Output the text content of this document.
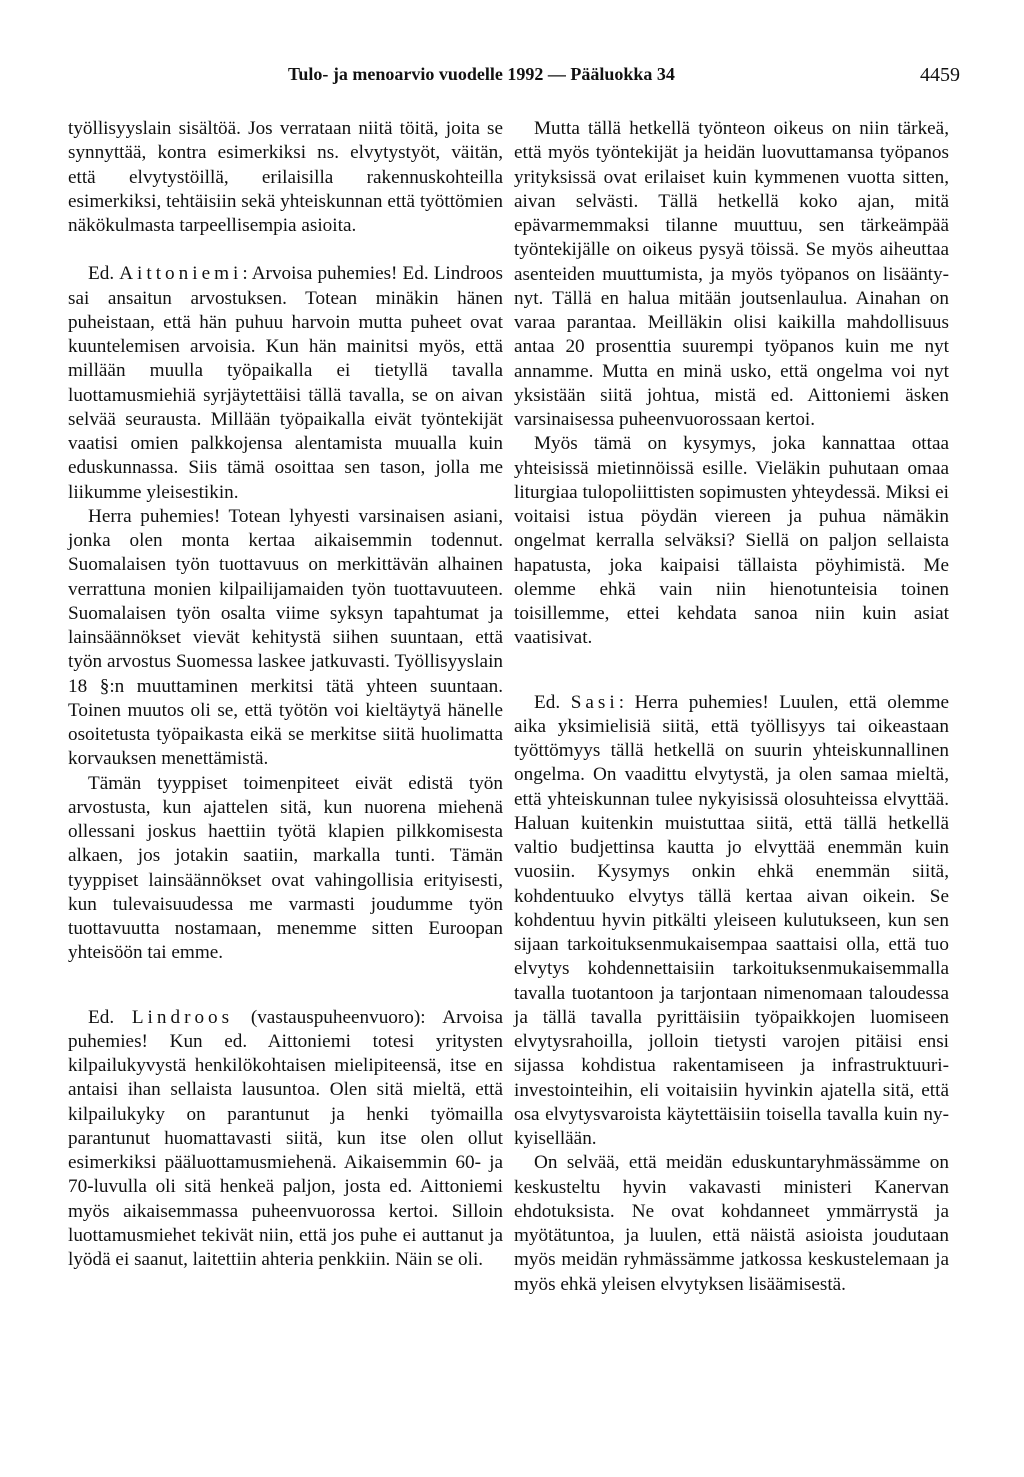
Tulo- ja menoarvio vuodelle 1992 — Pääluokka 34	4459

työllisyyslain sisältöä. Jos verrataan niitä töitä, joita se synnyttää, kontra esimerkiksi ns. elvytystyöt, väitän, että elvytystöillä, erilaisilla rakennuskohteilla esimerkiksi, tehtäisiin sekä yhteiskunnan että työttömien näkökulmasta tarpeellisempia asioita.

Ed. Aittoniemi: Arvoisa puhemies! Ed. Lindroos sai ansaitun arvostuksen. Totean minäkin hänen puheistaan, että hän puhuu harvoin mutta puheet ovat kuuntelemisen arvoisia. Kun hän mainitsi myös, että millään muulla työpaikalla ei tietyllä tavalla luottamusmiehiä syrjäytettäisi tällä tavalla, se on aivan selvää seurausta. Millään työpaikalla eivät työntekijät vaatisi omien palkkojensa alentamista muualla kuin eduskunnassa. Siis tämä osoittaa sen tason, jolla me liikumme yleisestikin.

Herra puhemies! Totean lyhyesti varsinaisen asiani, jonka olen monta kertaa aikaisemmin todennut. Suomalaisen työn tuottavuus on merkittävän alhainen verrattuna monien kilpailijamaiden työn tuottavuuteen. Suomalaisen työn osalta viime syksyn tapahtumat ja lainsäännökset vievät kehitystä siihen suuntaan, että työn arvostus Suomessa laskee jatkuvasti. Työllisyyslain 18 §:n muuttaminen merkitsi tätä yhteen suuntaan. Toinen muutos oli se, että työtön voi kieltäytyä hänelle osoitetusta työpaikasta eikä se merkitse siitä huolimatta korvauksen menettämistä.

Tämän tyyppiset toimenpiteet eivät edistä työn arvostusta, kun ajattelen sitä, kun nuorena miehenä ollessani joskus haettiin työtä klapien pilkkomisesta alkaen, jos jotakin saatiin, markalla tunti. Tämän tyyppiset lainsäännökset ovat vahingollisia erityisesti, kun tulevaisuudessa me varmasti joudumme työn tuottavuutta nostamaan, menemme sitten Euroopan yhteisöön tai emme.

Ed. Lindroos (vastauspuheenvuoro): Arvoisa puhemies! Kun ed. Aittoniemi totesi yritysten kilpailukyvystä henkilökohtaisen mielipiteensä, itse en antaisi ihan sellaista lausuntoa. Olen sitä mieltä, että kilpailukyky on parantunut ja henki työmailla parantunut huomattavasti siitä, kun itse olen ollut esimerkiksi pääluottamusmiehenä. Aikaisemmin 60- ja 70-luvulla oli sitä henkeä paljon, josta ed. Aittoniemi myös aikaisemmassa puheenvuorossa kertoi. Silloin luottamusmiehet tekivät niin, että jos puhe ei auttanut ja lyödä ei saanut, laitettiin ahteria penkkiin. Näin se oli.

Mutta tällä hetkellä työnteon oikeus on niin tärkeä, että myös työntekijät ja heidän luovuttamansa työpanos yrityksissä ovat erilaiset kuin kymmenen vuotta sitten, aivan selvästi. Tällä hetkellä koko ajan, mitä epävarmemmaksi tilanne muuttuu, sen tärkeämpää työntekijälle on oikeus pysyä töissä. Se myös aiheuttaa asenteiden muuttumista, ja myös työpanos on lisääntynyt. Tällä en halua mitään joutsenlaulua. Ainahan on varaa parantaa. Meilläkin olisi kaikilla mahdollisuus antaa 20 prosenttia suurempi työpanos kuin me nyt annamme. Mutta en minä usko, että ongelma voi nyt yksistään siitä johtua, mistä ed. Aittoniemi äsken varsinaisessa puheenvuorossaan kertoi.

Myös tämä on kysymys, joka kannattaa ottaa yhteisissä mietinnöissä esille. Vieläkin puhutaan omaa liturgiaa tulopoliittisten sopimusten yhteydessä. Miksi ei voitaisi istua pöydän viereen ja puhua nämäkin ongelmat kerralla selväksi? Siellä on paljon sellaista hapatusta, joka kaipaisi tällaista pöyhimistä. Me olemme ehkä vain niin hienotunteisia toinen toisillemme, ettei kehdata sanoa niin kuin asiat vaatisivat.

Ed. Sasi: Herra puhemies! Luulen, että olemme aika yksimielisiä siitä, että työllisyys tai oikeastaan työttömyys tällä hetkellä on suurin yhteiskunnallinen ongelma. On vaadittu elvytystä, ja olen samaa mieltä, että yhteiskunnan tulee nykyisissä olosuhteissa elvyttää. Haluan kuitenkin muistuttaa siitä, että tällä hetkellä valtio budjettinsa kautta jo elvyttää enemmän kuin vuosiin. Kysymys onkin ehkä enemmän siitä, kohdentuuko elvytys tällä kertaa aivan oikein. Se kohdentuu hyvin pitkälti yleiseen kulutukseen, kun sen sijaan tarkoituksenmukaisempaa saattaisi olla, että tuo elvytys kohdennettaisiin tarkoituksenmukaisemmalla tavalla tuotantoon ja tarjontaan nimenomaan taloudessa ja tällä tavalla pyrittäisiin työpaikkojen luomiseen elvytysrahoilla, jolloin tietysti varojen pitäisi ensi sijassa kohdistua rakentamiseen ja infrastruktuuri-investointeihin, eli voitaisiin hyvinkin ajatella sitä, että osa elvytysvaroista käytettäisiin toisella tavalla kuin nykyisellään.

On selvää, että meidän eduskuntaryhmässämme on keskusteltu hyvin vakavasti ministeri Kanervan ehdotuksista. Ne ovat kohdanneet ymmärrystä ja myötätuntoa, ja luulen, että näistä asioista joudutaan myös meidän ryhmässämme jatkossa keskustelemaan ja myös ehkä yleisen elvytyksen lisäämisestä.
